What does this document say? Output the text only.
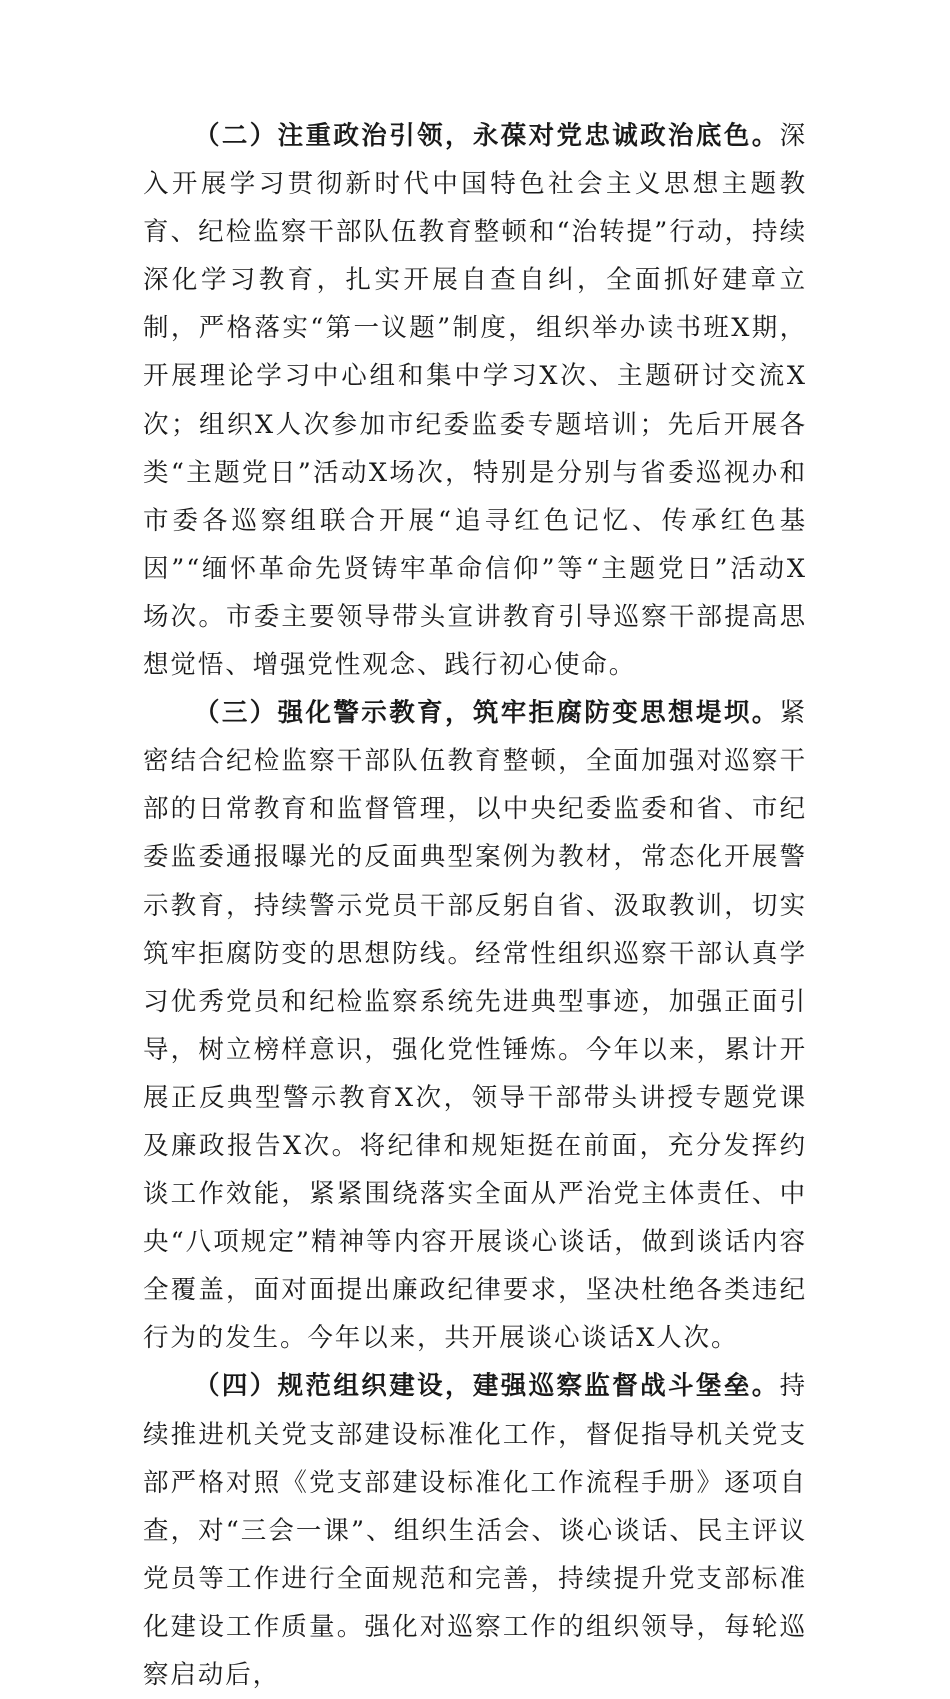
（二）注重政治引领，永葆对党忠诚政治底色。深入开展学习贯彻新时代中国特色社会主义思想主题教育、纪检监察干部队伍教育整顿和“治转提”行动，持续深化学习教育，扎实开展自查自纠，全面抓好建章立制，严格落实“第一议题”制度，组织举办读书班X期，开展理论学习中心组和集中学习X次、主题研讨交流X次；组织X人次参加市纪委监委专题培训；先后开展各类“主题党日”活动X场次，特别是分别与省委巡视办和市委各巡察组联合开展“追寻红色记忆、传承红色基因”“缅怀革命先贤铸牢革命信仰”等“主题党日”活动X场次。市委主要领导带头宣讲教育引导巡察干部提高思想觉悟、增强党性观念、践行初心使命。

（三）强化警示教育，筑牢拒腐防变思想堤坝。紧密结合纪检监察干部队伍教育整顿，全面加强对巡察干部的日常教育和监督管理，以中央纪委监委和省、市纪委监委通报曝光的反面典型案例为教材，常态化开展警示教育，持续警示党员干部反躬自省、汲取教训，切实筑牢拒腐防变的思想防线。经常性组织巡察干部认真学习优秀党员和纪检监察系统先进典型事迹，加强正面引导，树立榜样意识，强化党性锤炼。今年以来，累计开展正反典型警示教育X次，领导干部带头讲授专题党课及廉政报告X次。将纪律和规矩挺在前面，充分发挥约谈工作效能，紧紧围绕落实全面从严治党主体责任、中央“八项规定”精神等内容开展谈心谈话，做到谈话内容全覆盖，面对面提出廉政纪律要求，坚决杜绝各类违纪行为的发生。今年以来，共开展谈心谈话X人次。

（四）规范组织建设，建强巡察监督战斗堡垒。持续推进机关党支部建设标准化工作，督促指导机关党支部严格对照《党支部建设标准化工作流程手册》逐项自查，对“三会一课”、组织生活会、谈心谈话、民主评议党员等工作进行全面规范和完善，持续提升党支部标准化建设工作质量。强化对巡察工作的组织领导，每轮巡察启动后，
